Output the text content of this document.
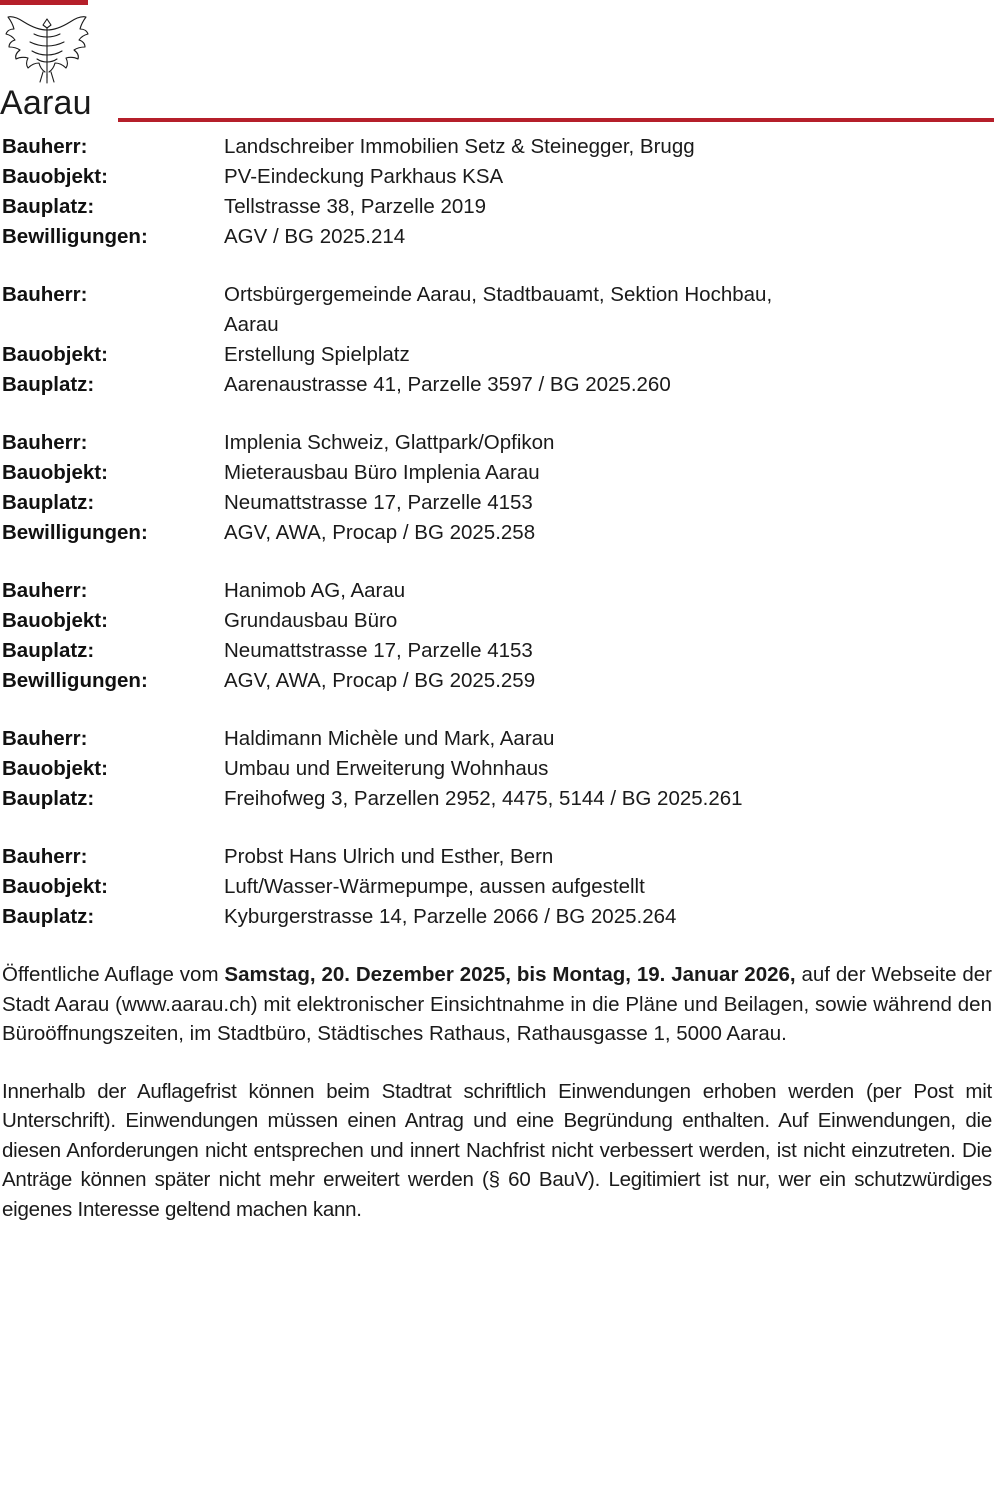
Aarau
Bauherr:	Landschreiber Immobilien Setz & Steinegger, Brugg
Bauobjekt:	PV-Eindeckung Parkhaus KSA
Bauplatz:	Tellstrasse 38, Parzelle 2019
Bewilligungen:	AGV / BG 2025.214
Bauherr:	Ortsbürgergemeinde Aarau, Stadtbauamt, Sektion Hochbau,
Aarau
Bauobjekt:	Erstellung Spielplatz
Bauplatz:	Aarenaustrasse 41, Parzelle 3597 / BG 2025.260
Bauherr:	Implenia Schweiz, Glattpark/Opfikon
Bauobjekt:	Mieterausbau Büro Implenia Aarau
Bauplatz:	Neumattstrasse 17, Parzelle 4153
Bewilligungen:	AGV, AWA, Procap / BG 2025.258
Bauherr:	Hanimob AG, Aarau
Bauobjekt:	Grundausbau Büro
Bauplatz:	Neumattstrasse 17, Parzelle 4153
Bewilligungen:	AGV, AWA, Procap / BG 2025.259
Bauherr:	Haldimann Michèle und Mark, Aarau
Bauobjekt:	Umbau und Erweiterung Wohnhaus
Bauplatz:	Freihofweg 3, Parzellen 2952, 4475, 5144 / BG 2025.261
Bauherr:	Probst Hans Ulrich und Esther, Bern
Bauobjekt:	Luft/Wasser-Wärmepumpe, aussen aufgestellt
Bauplatz:	Kyburgerstrasse 14, Parzelle 2066 / BG 2025.264

Öffentliche Auflage vom Samstag, 20. Dezember 2025, bis Montag, 19. Januar 2026, auf der Webseite der Stadt Aarau (www.aarau.ch) mit elektronischer Einsichtnahme in die Pläne und Beilagen, sowie während den Büroöffnungszeiten, im Stadtbüro, Städtisches Rathaus, Rathausgasse 1, 5000 Aarau.

Innerhalb der Auflagefrist können beim Stadtrat schriftlich Einwendungen erhoben werden (per Post mit Unterschrift). Einwendungen müssen einen Antrag und eine Begründung enthalten. Auf Einwendungen, die diesen Anforderungen nicht entsprechen und innert Nachfrist nicht verbessert werden, ist nicht einzutreten. Die Anträge können später nicht mehr erweitert werden (§ 60 BauV). Legitimiert ist nur, wer ein schutzwürdiges eigenes Interesse geltend machen kann.
